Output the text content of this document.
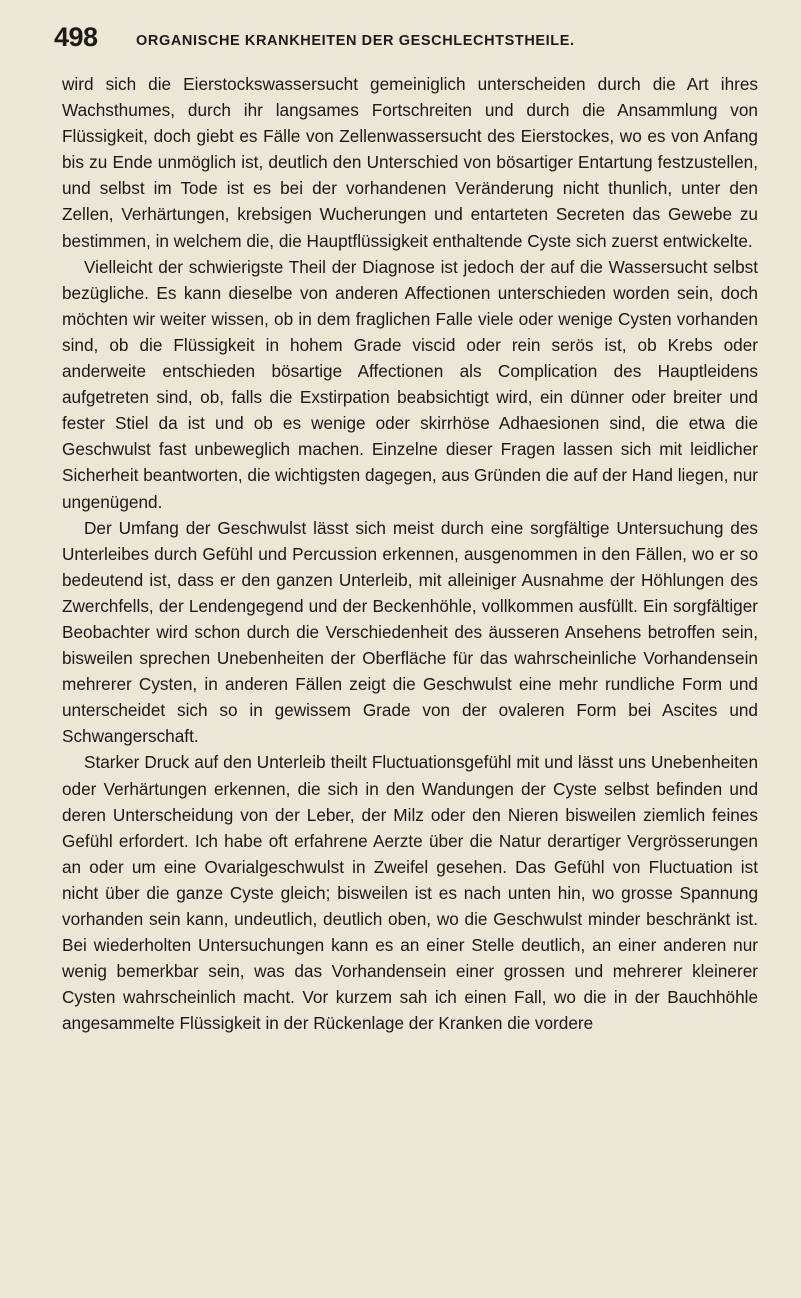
498	ORGANISCHE KRANKHEITEN DER GESCHLECHTSTHEILE.

wird sich die Eierstockswassersucht gemeiniglich unterscheiden durch die Art ihres Wachsthumes, durch ihr langsames Fortschreiten und durch die Ansammlung von Flüssigkeit, doch giebt es Fälle von Zellenwassersucht des Eierstockes, wo es von Anfang bis zu Ende unmöglich ist, deutlich den Unterschied von bösartiger Entartung festzustellen, und selbst im Tode ist es bei der vorhandenen Veränderung nicht thunlich, unter den Zellen, Verhärtungen, krebsigen Wucherungen und entarteten Secreten das Gewebe zu bestimmen, in welchem die, die Hauptflüssigkeit enthaltende Cyste sich zuerst entwickelte.

Vielleicht der schwierigste Theil der Diagnose ist jedoch der auf die Wassersucht selbst bezügliche. Es kann dieselbe von anderen Affectionen unterschieden worden sein, doch möchten wir weiter wissen, ob in dem fraglichen Falle viele oder wenige Cysten vorhanden sind, ob die Flüssigkeit in hohem Grade viscid oder rein serös ist, ob Krebs oder anderweite entschieden bösartige Affectionen als Complication des Hauptleidens aufgetreten sind, ob, falls die Exstirpation beabsichtigt wird, ein dünner oder breiter und fester Stiel da ist und ob es wenige oder skirrhöse Adhaesionen sind, die etwa die Geschwulst fast unbeweglich machen. Einzelne dieser Fragen lassen sich mit leidlicher Sicherheit beantworten, die wichtigsten dagegen, aus Gründen die auf der Hand liegen, nur ungenügend.

Der Umfang der Geschwulst lässt sich meist durch eine sorgfältige Untersuchung des Unterleibes durch Gefühl und Percussion erkennen, ausgenommen in den Fällen, wo er so bedeutend ist, dass er den ganzen Unterleib, mit alleiniger Ausnahme der Höhlungen des Zwerchfells, der Lendengegend und der Beckenhöhle, vollkommen ausfüllt. Ein sorgfältiger Beobachter wird schon durch die Verschiedenheit des äusseren Ansehens betroffen sein, bisweilen sprechen Unebenheiten der Oberfläche für das wahrscheinliche Vorhandensein mehrerer Cysten, in anderen Fällen zeigt die Geschwulst eine mehr rundliche Form und unterscheidet sich so in gewissem Grade von der ovaleren Form bei Ascites und Schwangerschaft.

Starker Druck auf den Unterleib theilt Fluctuationsgefühl mit und lässt uns Unebenheiten oder Verhärtungen erkennen, die sich in den Wandungen der Cyste selbst befinden und deren Unterscheidung von der Leber, der Milz oder den Nieren bisweilen ziemlich feines Gefühl erfordert. Ich habe oft erfahrene Aerzte über die Natur derartiger Vergrösserungen an oder um eine Ovarialgeschwulst in Zweifel gesehen. Das Gefühl von Fluctuation ist nicht über die ganze Cyste gleich; bisweilen ist es nach unten hin, wo grosse Spannung vorhanden sein kann, undeutlich, deutlich oben, wo die Geschwulst minder beschränkt ist. Bei wiederholten Untersuchungen kann es an einer Stelle deutlich, an einer anderen nur wenig bemerkbar sein, was das Vorhandensein einer grossen und mehrerer kleinerer Cysten wahrscheinlich macht. Vor kurzem sah ich einen Fall, wo die in der Bauchhöhle angesammelte Flüssigkeit in der Rückenlage der Kranken die vordere
